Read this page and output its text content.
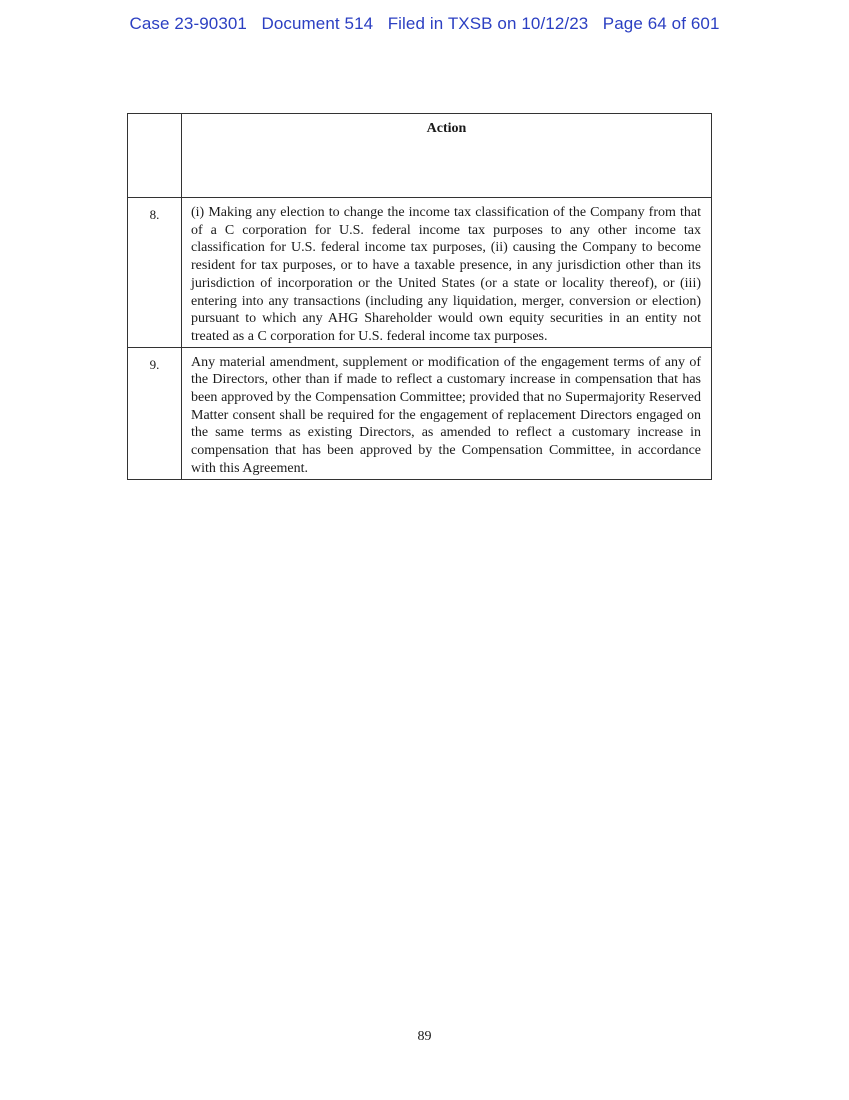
Case 23-90301   Document 514   Filed in TXSB on 10/12/23   Page 64 of 601

	Action

8.	(i) Making any election to change the income tax classification of the Company from that of a C corporation for U.S. federal income tax purposes to any other income tax classification for U.S. federal income tax purposes, (ii) causing the Company to become resident for tax purposes, or to have a taxable presence, in any jurisdiction other than its jurisdiction of incorporation or the United States (or a state or locality thereof), or (iii) entering into any transactions (including any liquidation, merger, conversion or election) pursuant to which any AHG Shareholder would own equity securities in an entity not treated as a C corporation for U.S. federal income tax purposes.
9.	Any material amendment, supplement or modification of the engagement terms of any of the Directors, other than if made to reflect a customary increase in compensation that has been approved by the Compensation Committee; provided that no Supermajority Reserved Matter consent shall be required for the engagement of replacement Directors engaged on the same terms as existing Directors, as amended to reflect a customary increase in compensation that has been approved by the Compensation Committee, in accordance with this Agreement.
89
